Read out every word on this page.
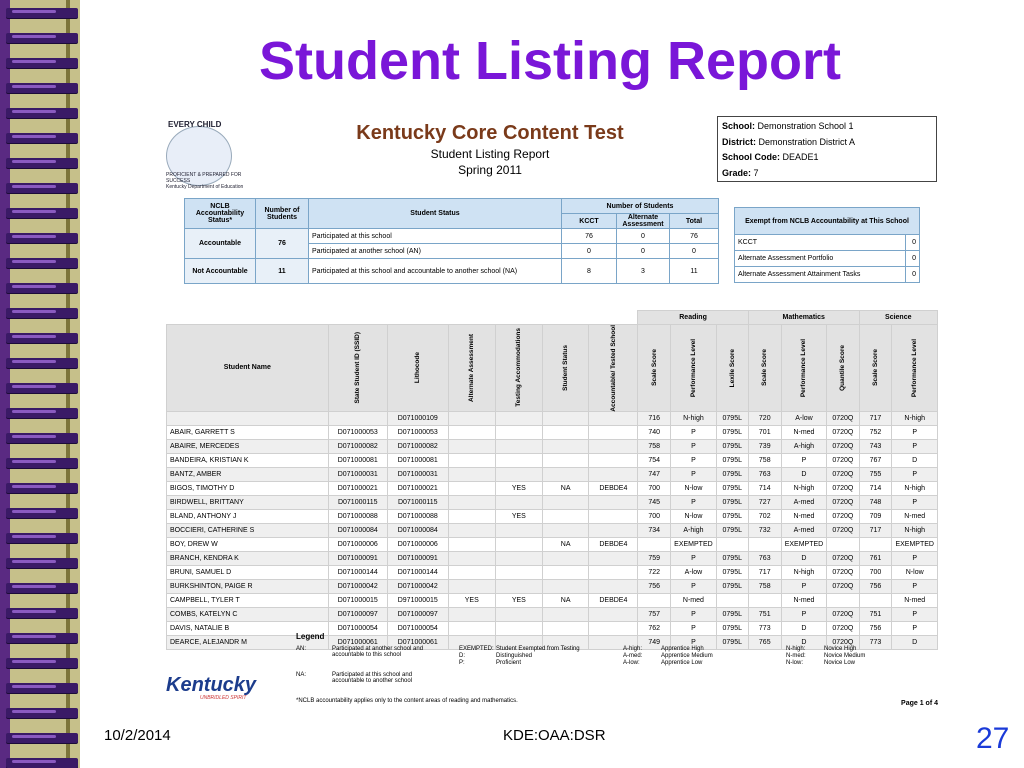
Student Listing Report
EVERY CHILD
PROFICIENT & PREPARED FOR SUCCESS
Kentucky Department of Education
Kentucky Core Content Test
Student Listing Report
Spring 2011
School: Demonstration School 1
District: Demonstration District A
School Code: DEADE1
Grade: 7
NCLB Accountability Status*	Number of Students	Student Status	Number of Students		
			KCCT	Alternate Assessment	Total
Accountable	76	Participated at this school	76	0	76
		Participated at another school (AN)	0	0	0
Not Accountable	11	Participated at this school and accountable to another school (NA)	8	3	11
Exempt from NCLB Accountability at This School	
KCCT	0
Alternate Assessment Portfolio	0
Alternate Assessment Attainment Tasks	0
							Reading			Mathematics			Science	
Student Name	State Student ID (SSID)	Lithocode	Alternate Assessment	Testing Accommodations	Student Status	Accountable/ Tested School	Scale Score	Performance Level	Lexile Score	Scale Score	Performance Level	Quantile Score	Scale Score	Performance Level

		D071000109					716	N-high	0795L	720	A-low	0720Q	717	N-high
ABAIR, GARRETT S	D071000053	D071000053					740	P	0795L	701	N-med	0720Q	752	P
ABAIRE, MERCEDES	D071000082	D071000082					758	P	0795L	739	A-high	0720Q	743	P
BANDEIRA, KRISTIAN K	D071000081	D071000081					754	P	0795L	758	P	0720Q	767	D
BANTZ, AMBER	D071000031	D071000031					747	P	0795L	763	D	0720Q	755	P
BIGOS, TIMOTHY D	D071000021	D071000021		YES	NA	DEBDE4	700	N-low	0795L	714	N-high	0720Q	714	N-high
BIRDWELL, BRITTANY	D071000115	D071000115					745	P	0795L	727	A-med	0720Q	748	P
BLAND, ANTHONY J	D071000088	D071000088		YES			700	N-low	0795L	702	N-med	0720Q	709	N-med
BOCCIERI, CATHERINE S	D071000084	D071000084					734	A-high	0795L	732	A-med	0720Q	717	N-high
BOY, DREW W	D071000006	D071000006			NA	DEBDE4		EXEMPTED			EXEMPTED			EXEMPTED
BRANCH, KENDRA K	D071000091	D071000091					759	P	0795L	763	D	0720Q	761	P
BRUNI, SAMUEL D	D071000144	D071000144					722	A-low	0795L	717	N-high	0720Q	700	N-low
BURKSHINTON, PAIGE R	D071000042	D071000042					756	P	0795L	758	P	0720Q	756	P
CAMPBELL, TYLER T	D071000015	D971000015	YES	YES	NA	DEBDE4		N-med			N-med			N-med
COMBS, KATELYN C	D071000097	D071000097					757	P	0795L	751	P	0720Q	751	P
DAVIS, NATALIE B	D071000054	D071000054					762	P	0795L	773	D	0720Q	756	P
DEARCE, ALEJANDR M	D071000061	D071000061					749	P	0795L	765	D	0720Q	773	D
Legend
AN:	Participated at another school and accountable to this school
NA:	Participated at this school and accountable to another school
EXEMPTED: Student Exempted from Testing
D:	Distinguished
P:	Proficient
A-high:	Apprentice High
A-med:	Apprentice Medium
A-low:	Apprentice Low
N-high:	Novice High
N-med:	Novice Medium
N-low:	Novice Low
*NCLB accountability applies only to the content areas of reading and mathematics.
Kentucky
UNBRIDLED SPIRIT
Page 1 of 4
10/2/2014	KDE:OAA:DSR	27
